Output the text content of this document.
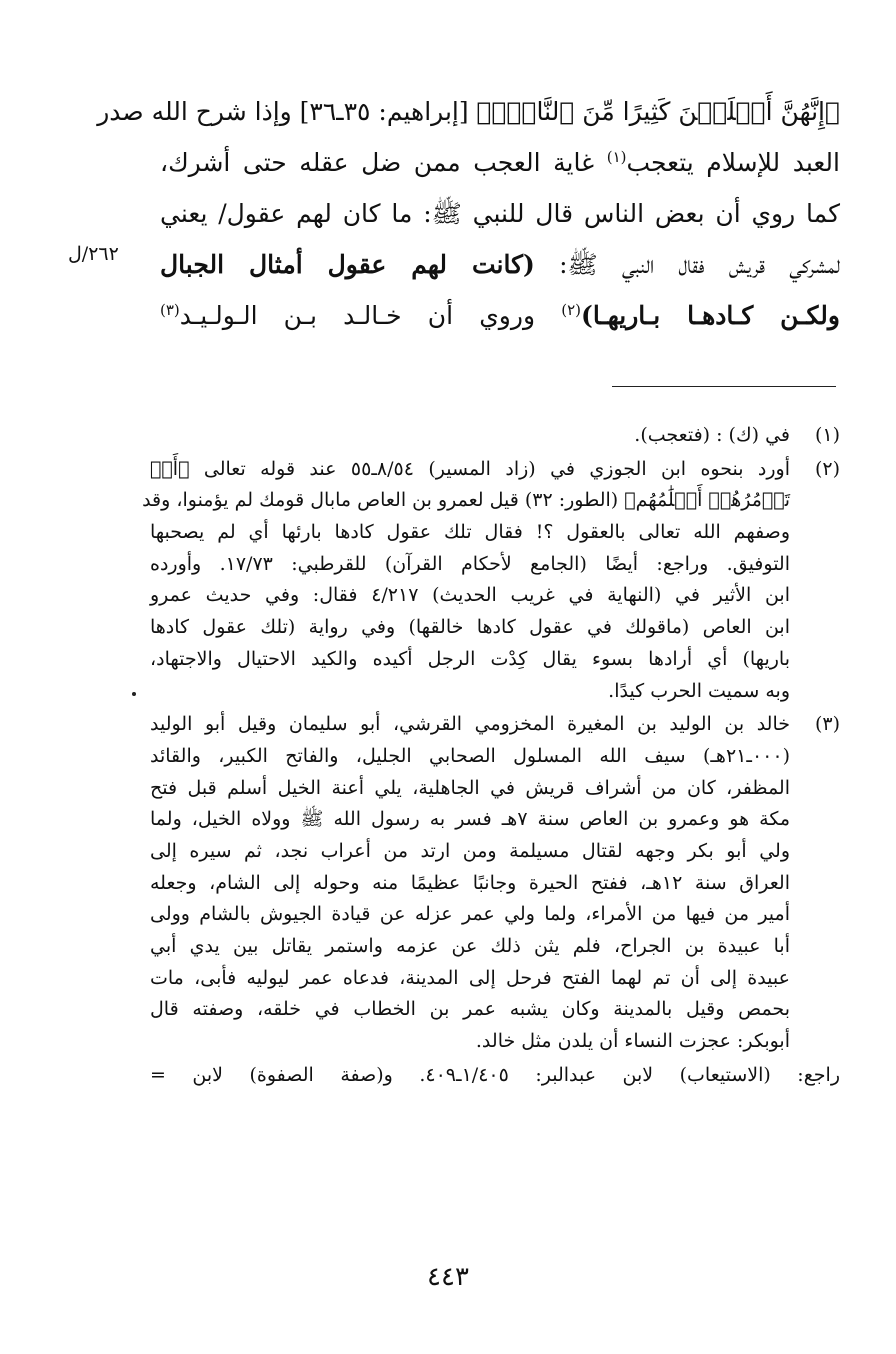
﴿إِنَّهُنَّ أَضۡلَلۡنَ كَثِيرًا مِّنَ ٱلنَّاسِۖ﴾ [إبراهيم: ٣٥ـ٣٦] وإذا شرح الله صدر
العبد للإسلام يتعجب$^{(١)}$ غاية العجب ممن ضل عقله حتى أشرك،
كما روي أن بعض الناس قال للنبي ﷺ: ما كان لهم عقول/ يعني
لمشركي قريش فقال النبي ﷺ: (كانت لهم عقول أمثال الجبال
ولكـن كـادهـا بـاريهـا)$^{(٢)}$ وروي أن خـالـد بـن الـولـيـد$^{(٣)}$
٢٦٢/ل
(١)
في (ك) : (فتعجب).
(٢)
أورد بنحوه ابن الجوزي في (زاد المسير) ٨/٥٤ـ٥٥ عند قوله تعالى ﴿أَمۡ
تَأۡمُرُهُمۡ أَحۡلَٰمُهُم﴾ (الطور: ٣٢) قيل لعمرو بن العاص مابال قومك لم يؤمنوا، وقد
وصفهم الله تعالى بالعقول ؟! فقال تلك عقول كادها بارئها أي لم يصحبها
التوفيق. وراجع: أيضًا (الجامع لأحكام القرآن) للقرطبي: ١٧/٧٣. وأورده
ابن الأثير في (النهاية في غريب الحديث) ٤/٢١٧ فقال: وفي حديث عمرو
ابن العاص (ماقولك في عقول كادها خالقها) وفي رواية (تلك عقول كادها
باريها) أي أرادها بسوء يقال كِدْت الرجل أكيده والكيد الاحتيال والاجتهاد،
وبه سميت الحرب كيدًا.
(٣)
خالد بن الوليد بن المغيرة المخزومي القرشي، أبو سليمان وقيل أبو الوليد
(٠٠٠ـ٢١هـ) سيف الله المسلول الصحابي الجليل، والفاتح الكبير، والقائد
المظفر، كان من أشراف قريش في الجاهلية، يلي أعنة الخيل أسلم قبل فتح
مكة هو وعمرو بن العاص سنة ٧هـ فسر به رسول الله ﷺ وولاه الخيل، ولما
ولي أبو بكر وجهه لقتال مسيلمة ومن ارتد من أعراب نجد، ثم سيره إلى
العراق سنة ١٢هـ، ففتح الحيرة وجانبًا عظيمًا منه وحوله إلى الشام، وجعله
أمير من فيها من الأمراء، ولما ولي عمر عزله عن قيادة الجيوش بالشام وولى
أبا عبيدة بن الجراح، فلم يثن ذلك عن عزمه واستمر يقاتل بين يدي أبي
عبيدة إلى أن تم لهما الفتح فرحل إلى المدينة، فدعاه عمر ليوليه فأبى، مات
بحمص وقيل بالمدينة وكان يشبه عمر بن الخطاب في خلقه، وصفته قال
أبوبكر: عجزت النساء أن يلدن مثل خالد.
راجع: (الاستيعاب) لابن عبدالبر: ١/٤٠٥ـ٤٠٩. و(صفة الصفوة) لابن =
٤٤٣
